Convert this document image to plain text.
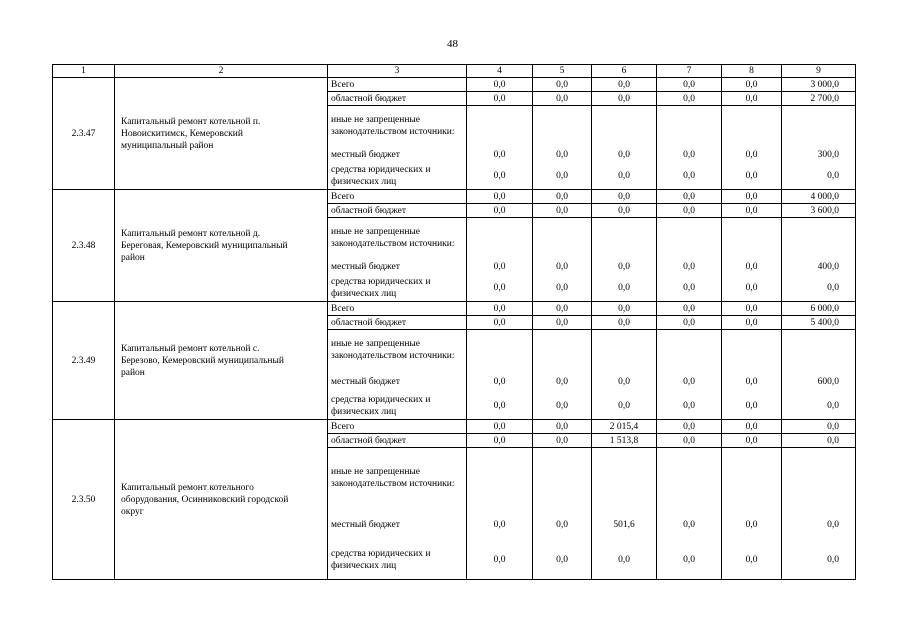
48
1	2	3	4	5	6	7	8	9
2.3.47	Капитальный ремонт котельной п. Новоискитимск, Кемеровский муниципальный район	Всего	0,0	0,0	0,0	0,0	0,0	3 000,0
		областной бюджет	0,0	0,0	0,0	0,0	0,0	2 700,0
		иные не запрещенные законодательством источники:						
		местный бюджет	0,0	0,0	0,0	0,0	0,0	300,0
		средства юридических и физических лиц	0,0	0,0	0,0	0,0	0,0	0,0
2.3.48	Капитальный ремонт котельной д. Береговая, Кемеровский муниципальный район	Всего	0,0	0,0	0,0	0,0	0,0	4 000,0
		областной бюджет	0,0	0,0	0,0	0,0	0,0	3 600,0
		иные не запрещенные законодательством источники:						
		местный бюджет	0,0	0,0	0,0	0,0	0,0	400,0
		средства юридических и физических лиц	0,0	0,0	0,0	0,0	0,0	0,0
2.3.49	Капитальный ремонт котельной с. Березово, Кемеровский муниципальный район	Всего	0,0	0,0	0,0	0,0	0,0	6 000,0
		областной бюджет	0,0	0,0	0,0	0,0	0,0	5 400,0
		иные не запрещенные законодательством источники:						
		местный бюджет	0,0	0,0	0,0	0,0	0,0	600,0
		средства юридических и физических лиц	0,0	0,0	0,0	0,0	0,0	0,0
2.3.50	Капитальный ремонт котельного оборудования, Осинниковский городской округ	Всего	0,0	0,0	2 015,4	0,0	0,0	0,0
		областной бюджет	0,0	0,0	1 513,8	0,0	0,0	0,0
		иные не запрещенные законодательством источники:						
		местный бюджет	0,0	0,0	501,6	0,0	0,0	0,0
		средства юридических и физических лиц	0,0	0,0	0,0	0,0	0,0	0,0
